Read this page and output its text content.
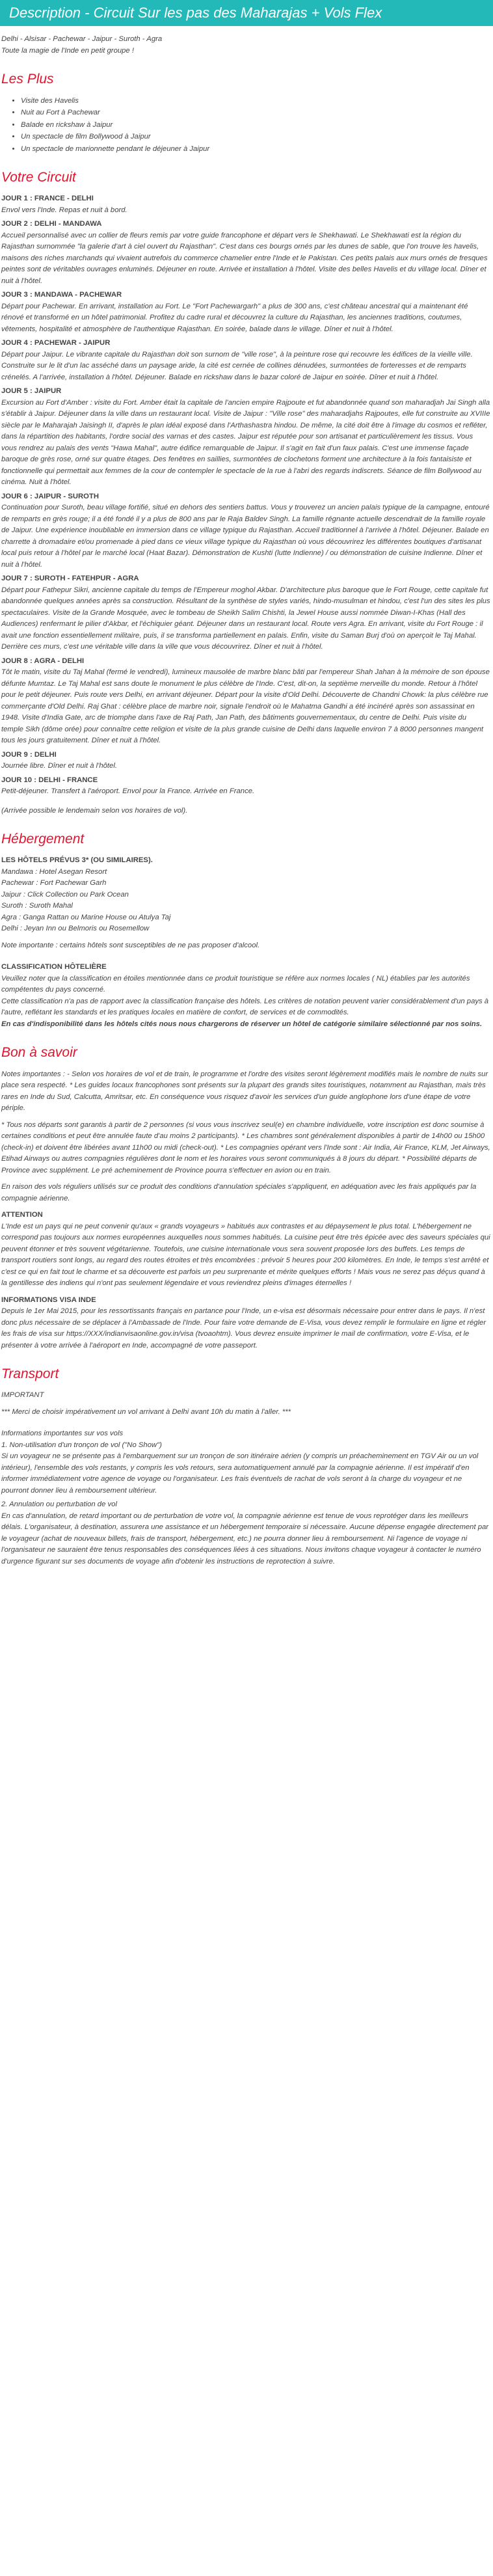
Description - Circuit Sur les pas des Maharajas + Vols Flex
Delhi - Alsisar - Pachewar - Jaipur - Suroth - Agra
Toute la magie de l'Inde en petit groupe !
Les Plus
• Visite des Havelis
• Nuit au Fort à Pachewar
• Balade en rickshaw à Jaipur
• Un spectacle de film Bollywood à Jaipur
• Un spectacle de marionnette pendant le déjeuner à Jaipur
Votre Circuit
JOUR 1 : FRANCE - DELHI
Envol vers l'Inde. Repas et nuit à bord.
JOUR 2 : DELHI - MANDAWA
Accueil personnalisé avec un collier de fleurs remis par votre guide francophone et départ vers le Shekhawati. Le Shekhawati est la région du Rajasthan surnommée "la galerie d'art à ciel ouvert du Rajasthan". C'est dans ces bourgs ornés par les dunes de sable, que l'on trouve les havelis, maisons des riches marchands qui vivaient autrefois du commerce chamelier entre l'Inde et le Pakistan. Ces petits palais aux murs ornés de fresques peintes sont de véritables ouvrages enluminés. Déjeuner en route. Arrivée et installation à l'hôtel. Visite des belles Havelis et du village local. Dîner et nuit à l'hôtel.
JOUR 3 : MANDAWA - PACHEWAR
Départ pour Pachewar. En arrivant, installation au Fort. Le "Fort Pachewargarh" a plus de 300 ans, c'est château ancestral qui a maintenant été rénové et transformé en un hôtel patrimonial. Profitez du cadre rural et découvrez la culture du Rajasthan, les anciennes traditions, coutumes, vêtements, hospitalité et atmosphère de l'authentique Rajasthan. En soirée, balade dans le village. Dîner et nuit à l'hôtel.
JOUR 4 : PACHEWAR - JAIPUR
Départ pour Jaipur. Le vibrante capitale du Rajasthan doit son surnom de "ville rose", à la peinture rose qui recouvre les édifices de la vieille ville. Construite sur le lit d'un lac asséché dans un paysage aride, la cité est cernée de collines dénudées, surmontées de forteresses et de remparts crénelés. A l'arrivée, installation à l'hôtel. Déjeuner. Balade en rickshaw dans le bazar coloré de Jaipur en soirée. Dîner et nuit à l'hôtel.
JOUR 5 : JAIPUR
Excursion au Fort d'Amber : visite du Fort. Amber était la capitale de l'ancien empire Rajpoute et fut abandonnée quand son maharadjah Jai Singh alla s'établir à Jaipur. Déjeuner dans la ville dans un restaurant local. Visite de Jaipur : "Ville rose" des maharadjahs Rajpoutes, elle fut construite au XVIIIe siècle par le Maharajah Jaisingh II, d'après le plan idéal exposé dans l'Arthashastra hindou. De même, la cité doit être à l'image du cosmos et refléter, dans la répartition des habitants, l'ordre social des varnas et des castes. Jaipur est réputée pour son artisanat et particulièrement les tissus. Vous vous rendrez au palais des vents "Hawa Mahal", autre édifice remarquable de Jaipur. Il s'agit en fait d'un faux palais. C'est une immense façade baroque de grès rose, orné sur quatre étages. Des fenêtres en saillies, surmontées de clochetons forment une architecture à la fois fantaisiste et fonctionnelle qui permettait aux femmes de la cour de contempler le spectacle de la rue à l'abri des regards indiscrets. Séance de film Bollywood au cinéma. Nuit à l'hôtel.
JOUR 6 : JAIPUR - SUROTH
Continuation pour Suroth, beau village fortifié, situé en dehors des sentiers battus. Vous y trouverez un ancien palais typique de la campagne, entouré de remparts en grès rouge; il a été fondé il y a plus de 800 ans par le Raja Baldev Singh. La famille régnante actuelle descendrait de la famille royale de Jaipur. Une expérience inoubliable en immersion dans ce village typique du Rajasthan. Accueil traditionnel à l'arrivée à l'hôtel. Déjeuner. Balade en charrette à dromadaire et/ou promenade à pied dans ce vieux village typique du Rajasthan où vous découvrirez les différentes boutiques d'artisanat local puis retour à l'hôtel par le marché local (Haat Bazar). Démonstration de Kushti (lutte Indienne) / ou démonstration de cuisine Indienne. Dîner et nuit à l'hôtel.
JOUR 7 : SUROTH - FATEHPUR - AGRA
Départ pour Fathepur Sikri, ancienne capitale du temps de l'Empereur moghol Akbar. D'architecture plus baroque que le Fort Rouge, cette capitale fut abandonnée quelques années après sa construction. Résultant de la synthèse de styles variés, hindo-musulman et hindou, c'est l'un des sites les plus spectaculaires. Visite de la Grande Mosquée, avec le tombeau de Sheikh Salim Chishti, la Jewel House aussi nommée Diwan-I-Khas (Hall des Audiences) renfermant le pilier d'Akbar, et l'échiquier géant. Déjeuner dans un restaurant local. Route vers Agra. En arrivant, visite du Fort Rouge : il avait une fonction essentiellement militaire, puis, il se transforma partiellement en palais. Enfin, visite du Saman Burj d'où on aperçoit le Taj Mahal. Derrière ces murs, c'est une véritable ville dans la ville que vous découvrirez. Dîner et nuit à l'hôtel.
JOUR 8 : AGRA - DELHI
Tôt le matin, visite du Taj Mahal (fermé le vendredi), lumineux mausolée de marbre blanc bâti par l'empereur Shah Jahan à la mémoire de son épouse défunte Mumtaz. Le Taj Mahal est sans doute le monument le plus célèbre de l'Inde. C'est, dit-on, la septième merveille du monde. Retour à l'hôtel pour le petit déjeuner. Puis route vers Delhi, en arrivant déjeuner. Départ pour la visite d'Old Delhi. Découverte de Chandni Chowk: la plus célèbre rue commerçante d'Old Delhi. Raj Ghat : célèbre place de marbre noir, signale l'endroit où le Mahatma Gandhi a été incinéré après son assassinat en 1948. Visite d'India Gate, arc de triomphe dans l'axe de Raj Path, Jan Path, des bâtiments gouvernementaux, du centre de Delhi. Puis visite du temple Sikh (dôme orée) pour connaître cette religion et visite de la plus grande cuisine de Delhi dans laquelle environ 7 à 8000 personnes mangent tous les jours gratuitement. Dîner et nuit à l'hôtel.
JOUR 9 : DELHI
Journée libre. Dîner et nuit à l'hôtel.
JOUR 10 : DELHI - FRANCE
Petit-déjeuner. Transfert à l'aéroport. Envol pour la France. Arrivée en France.

(Arrivée possible le lendemain selon vos horaires de vol).

Hébergement
LES HÔTELS PRÉVUS 3* (OU SIMILAIRES).
Mandawa : Hotel Asegan Resort
Pachewar : Fort Pachewar Garh
Jaipur : Click Collection ou Park Ocean
Suroth : Suroth Mahal
Agra : Ganga Rattan ou Marine House ou Atulya Taj
Delhi : Jeyan Inn ou Belmoris ou Rosemellow

Note importante : certains hôtels sont susceptibles de ne pas proposer d'alcool.

CLASSIFICATION HÔTELIÈRE
Veuillez noter que la classification en étoiles mentionnée dans ce produit touristique se réfère aux normes locales ( NL) établies par les autorités compétentes du pays concerné.
Cette classification n'a pas de rapport avec la classification française des hôtels. Les critères de notation peuvent varier considérablement d'un pays à l'autre, reflétant les standards et les pratiques locales en matière de confort, de services et de commodités.
En cas d'indisponibilité dans les hôtels cités nous nous chargerons de réserver un hôtel de catégorie similaire sélectionné par nos soins.
Bon à savoir

Notes importantes : - Selon vos horaires de vol et de train, le programme et l'ordre des visites seront légèrement modifiés mais le nombre de nuits sur place sera respecté. * Les guides locaux francophones sont présents sur la plupart des grands sites touristiques, notamment au Rajasthan, mais très rares en Inde du Sud, Calcutta, Amritsar, etc. En conséquence vous risquez d'avoir les services d'un guide anglophone lors d'une étape de votre périple.

* Tous nos départs sont garantis à partir de 2 personnes (si vous vous inscrivez seul(e) en chambre individuelle, votre inscription est donc soumise à certaines conditions et peut être annulée faute d'au moins 2 participants). * Les chambres sont généralement disponibles à partir de 14h00 ou 15h00 (check-in) et doivent être libérées avant 11h00 ou midi (check-out). * Les compagnies opérant vers l'Inde sont : Air India, Air France, KLM, Jet Airways, Etihad Airways ou autres compagnies régulières dont le nom et les horaires vous seront communiqués à 8 jours du départ. * Possibilité départs de Province avec supplément. Le pré acheminement de Province pourra s'effectuer en avion ou en train.

En raison des vols réguliers utilisés sur ce produit des conditions d'annulation spéciales s'appliquent, en adéquation avec les frais appliqués par la compagnie aérienne.

ATTENTION

L'Inde est un pays qui ne peut convenir qu'aux « grands voyageurs » habitués aux contrastes et au dépaysement le plus total. L'hébergement ne correspond pas toujours aux normes européennes auxquelles nous sommes habitués. La cuisine peut être très épicée avec des saveurs spéciales qui peuvent étonner et très souvent végétarienne. Toutefois, une cuisine internationale vous sera souvent proposée lors des buffets. Les temps de transport routiers sont longs, au regard des routes étroites et très encombrées : prévoir 5 heures pour 200 kilomètres. En Inde, le temps s'est arrêté et c'est ce qui en fait tout le charme et sa découverte est parfois un peu surprenante et mérite quelques efforts ! Mais vous ne serez pas déçus quand à la gentillesse des indiens qui n'ont pas seulement légendaire et vous reviendrez pleins d'images éternelles !

INFORMATIONS VISA INDE

Depuis le 1er Mai 2015, pour les ressortissants français en partance pour l'Inde, un e-visa est désormais nécessaire pour entrer dans le pays. Il n'est donc plus nécessaire de se déplacer à l'Ambassade de l'Inde. Pour faire votre demande de E-Visa, vous devez remplir le formulaire en ligne et régler les frais de visa sur https://XXX/indianvisaonline.gov.in/visa (tvoaohtm). Vous devrez ensuite imprimer le mail de confirmation, votre E-Visa, et le présenter à votre arrivée à l'aéroport en Inde, accompagné de votre passeport.

Transport
IMPORTANT

*** Merci de choisir impérativement un vol arrivant à Delhi avant 10h du matin à l'aller. ***

Informations importantes sur vos vols
1. Non-utilisation d'un tronçon de vol ("No Show")
Si un voyageur ne se présente pas à l'embarquement sur un tronçon de son itinéraire aérien (y compris un préacheminement en TGV Air ou un vol intérieur), l'ensemble des vols restants, y compris les vols retours, sera automatiquement annulé par la compagnie aérienne. Il est impératif d'en informer immédiatement votre agence de voyage ou l'organisateur. Les frais éventuels de rachat de vols seront à la charge du voyageur et ne pourront donner lieu à remboursement ultérieur.
2. Annulation ou perturbation de vol
En cas d'annulation, de retard important ou de perturbation de votre vol, la compagnie aérienne est tenue de vous reprotéger dans les meilleurs délais. L'organisateur, à destination, assurera une assistance et un hébergement temporaire si nécessaire. Aucune dépense engagée directement par le voyageur (achat de nouveaux billets, frais de transport, hébergement, etc.) ne pourra donner lieu à remboursement. Ni l'agence de voyage ni l'organisateur ne sauraient être tenus responsables des conséquences liées à ces situations. Nous invitons chaque voyageur à contacter le numéro d'urgence figurant sur ses documents de voyage afin d'obtenir les instructions de reprotection à suivre.
